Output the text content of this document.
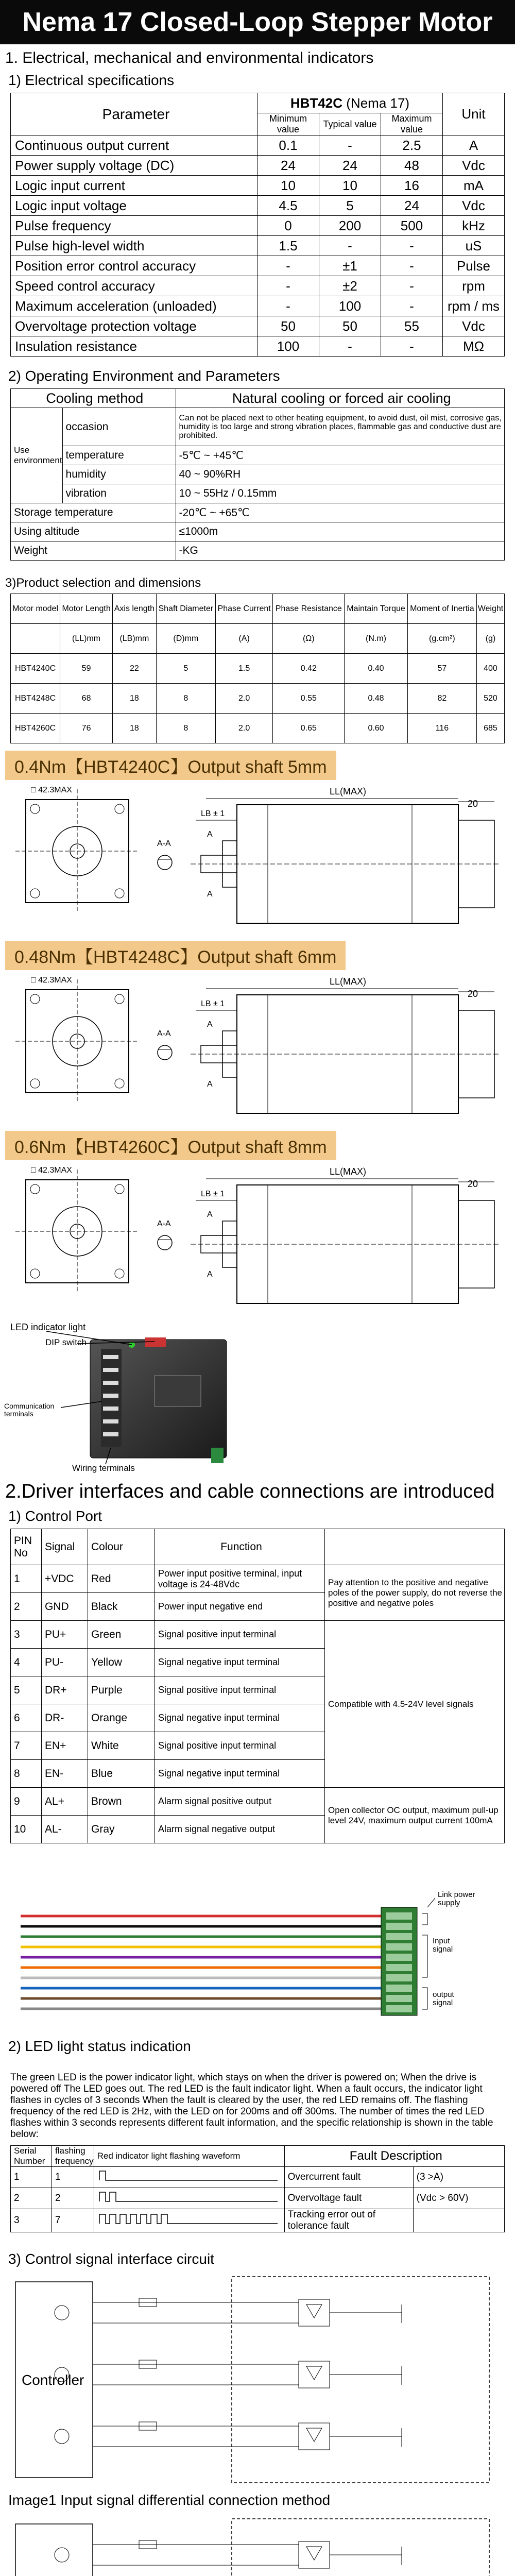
Nema 17 Closed-Loop Stepper Motor
1. Electrical, mechanical and environmental indicators
1) Electrical specifications
Parameter	HBT42C (Nema 17)			Unit
	Minimum value	Typical value	Maximum value	
Continuous output current	0.1	-	2.5	A
Power supply voltage (DC)	24	24	48	Vdc
Logic input current	10	10	16	mA
Logic input voltage	4.5	5	24	Vdc
Pulse frequency	0	200	500	kHz
Pulse high-level width	1.5	-	-	uS
Position error control accuracy	-	±1	-	Pulse
Speed control accuracy	-	±2	-	rpm
Maximum acceleration (unloaded)	-	100	-	rpm / ms
Overvoltage protection voltage	50	50	55	Vdc
Insulation resistance	100	-	-	MΩ
2) Operating Environment and Parameters
Cooling method		Natural cooling or forced air cooling
Use environment	occasion	Can not be placed next to other heating equipment, to avoid dust, oil mist, corrosive gas, humidity is too large and strong vibration places, flammable gas and conductive dust are prohibited.
	temperature	-5℃ ~ +45℃
	humidity	40 ~ 90%RH
	vibration	10 ~ 55Hz / 0.15mm
Storage temperature		-20℃ ~ +65℃
Using altitude		≤1000m
Weight		-KG
3)Product selection and dimensions
Motor model	Motor Length	Axis length	Shaft Diameter	Phase Current	Phase Resistance	Maintain Torque	Moment of Inertia	Weight
	(LL)mm	(LB)mm	(D)mm	(A)	(Ω)	(N.m)	(g.cm²)	(g)
HBT4240C	59	22	5	1.5	0.42	0.40	57	400
HBT4248C	68	18	8	2.0	0.55	0.48	82	520
HBT4260C	76	18	8	2.0	0.65	0.60	116	685
0.4Nm【HBT4240C】Output shaft 5mm
□ 42.3MAX
A-A
LL(MAX)
20
LB ± 1
A
A
0.48Nm【HBT4248C】Output shaft 6mm
□ 42.3MAX
A-A
LL(MAX)
20
LB ± 1
A
A
0.6Nm【HBT4260C】Output shaft 8mm
□ 42.3MAX
A-A
LL(MAX)
20
LB ± 1
A
A
LED indicator light
DIP switch
Communication terminals
Wiring terminals
2.Driver interfaces and cable connections are introduced
1) Control Port
PIN No	Signal	Colour	Function	
1	+VDC	Red	Power input positive terminal, input voltage is 24-48Vdc	Pay attention to the positive and negative poles of the power supply, do not reverse the positive and negative poles
2	GND	Black	Power input negative end	
3	PU+	Green	Signal positive input terminal	Compatible with 4.5-24V level signals
4	PU-	Yellow	Signal negative input terminal	
5	DR+	Purple	Signal positive input terminal	
6	DR-	Orange	Signal negative input terminal	
7	EN+	White	Signal positive input terminal	
8	EN-	Blue	Signal negative input terminal	
9	AL+	Brown	Alarm signal positive output	Open collector OC output, maximum pull-up level 24V, maximum output current 100mA
10	AL-	Gray	Alarm signal negative output	
Link power supply
Input signal
output signal
2) LED light status indication

The green LED is the power indicator light, which stays on when the driver is powered on; When the drive is powered off The LED goes out. The red LED is the fault indicator light. When a fault occurs, the indicator light flashes in cycles of 3 seconds When the fault is cleared by the user, the red LED remains off. The flashing frequency of the red LED is 2Hz, with the LED on for 200ms and off 300ms. The number of times the red LED flashes within 3 seconds represents different fault information, and the specific relationship is shown in the table below:

Serial Number	flashing frequency	Red indicator light flashing waveform	Fault Description	
1	1		Overcurrent fault	(3 >A)
2	2		Overvoltage fault	(Vdc > 60V)
3	7		Tracking error out of tolerance fault	
3) Control signal interface circuit
Controller
Image1 Input signal differential connection method
